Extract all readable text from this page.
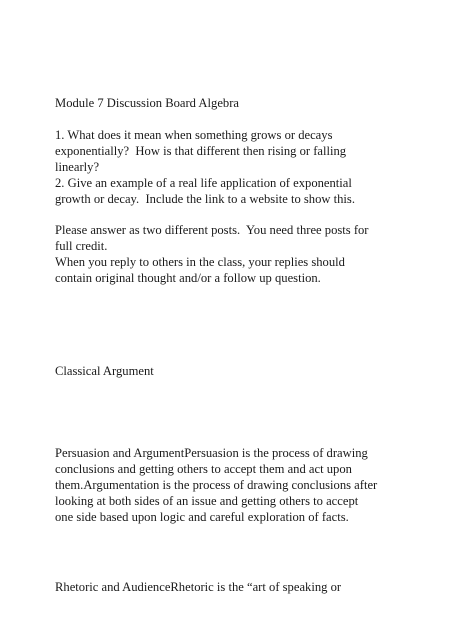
Module 7 Discussion Board Algebra

1. What does it mean when something grows or decays

exponentially?  How is that different then rising or falling

linearly?

2. Give an example of a real life application of exponential

growth or decay.  Include the link to a website to show this.

Please answer as two different posts.  You need three posts for

full credit.

When you reply to others in the class, your replies should

contain original thought and/or a follow up question.

Classical Argument

Persuasion and ArgumentPersuasion is the process of drawing

conclusions and getting others to accept them and act upon

them.Argumentation is the process of drawing conclusions after

looking at both sides of an issue and getting others to accept

one side based upon logic and careful exploration of facts.

Rhetoric and AudienceRhetoric is the “art of speaking or
